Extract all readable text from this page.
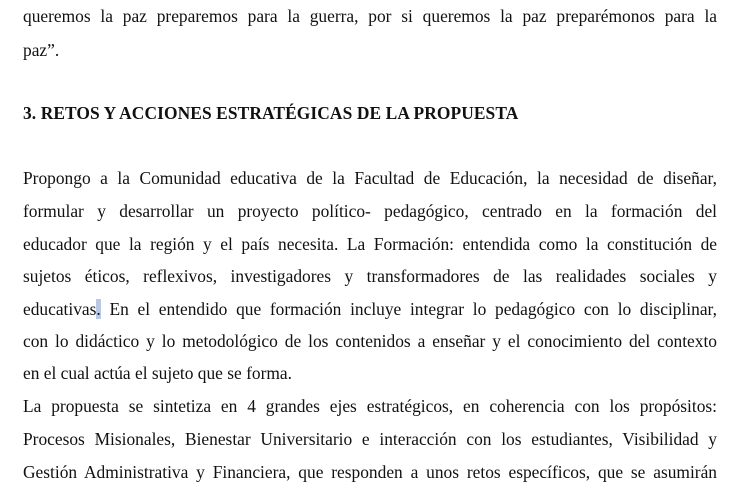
queremos la paz preparemos para la guerra, por si queremos la paz preparémonos para la
paz”.
3. RETOS Y ACCIONES ESTRATÉGICAS DE LA PROPUESTA
Propongo a la Comunidad educativa de la Facultad de Educación, la necesidad de diseñar,
formular y desarrollar un proyecto político- pedagógico, centrado en la formación del
educador que la región y el país necesita. La Formación: entendida como la constitución de
sujetos éticos, reflexivos, investigadores y transformadores de las realidades sociales y
educativas. En el entendido que formación incluye integrar lo pedagógico con lo disciplinar,
con lo didáctico y lo metodológico de los contenidos a enseñar y el conocimiento del contexto
en el cual actúa el sujeto que se forma.
La propuesta se sintetiza en 4 grandes ejes estratégicos, en coherencia con los propósitos:
Procesos Misionales, Bienestar Universitario e interacción con los estudiantes, Visibilidad y
Gestión Administrativa y Financiera, que responden a unos retos específicos, que se asumirán
